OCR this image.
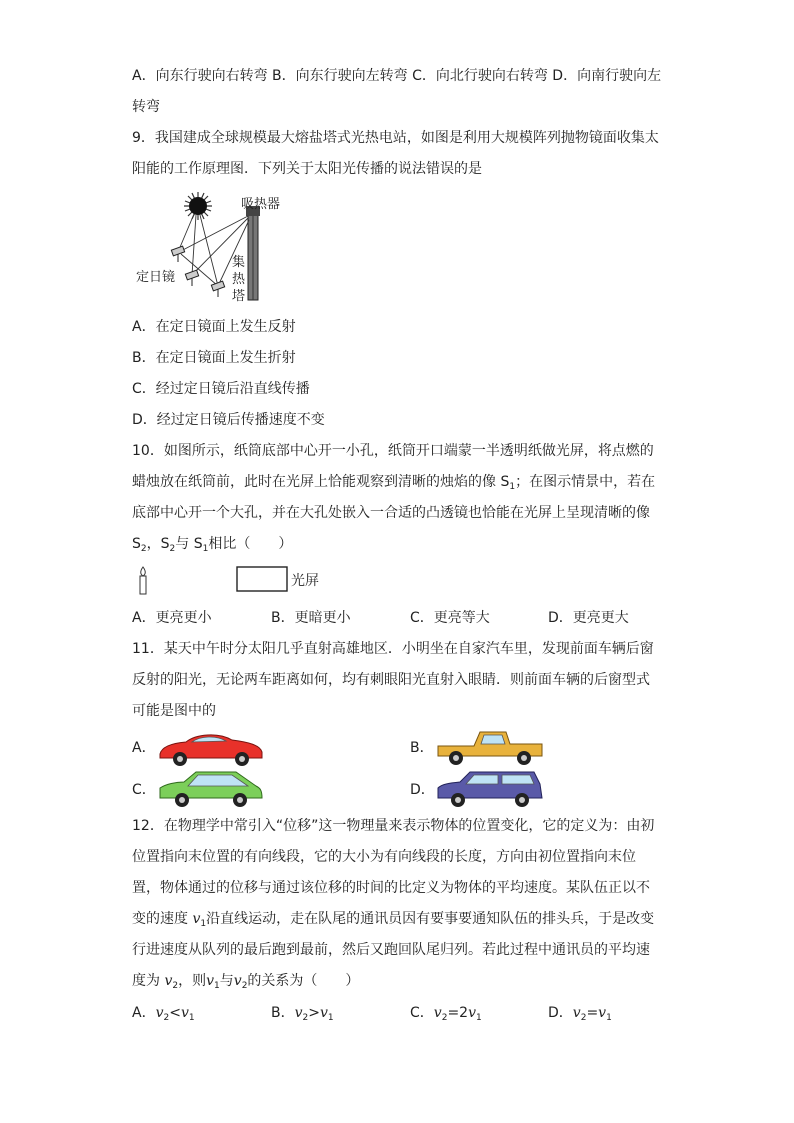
A．向东行驶向右转弯 B．向东行驶向左转弯 C．向北行驶向右转弯 D．向南行驶向左
转弯
9．我国建成全球规模最大熔盐塔式光热电站，如图是利用大规模阵列抛物镜面收集太
阳能的工作原理图．下列关于太阳光传播的说法错误的是
吸热器
集热塔
定日镜
A．在定日镜面上发生反射
B．在定日镜面上发生折射
C．经过定日镜后沿直线传播
D．经过定日镜后传播速度不变
10．如图所示，纸筒底部中心开一小孔，纸筒开口端蒙一半透明纸做光屏，将点燃的
蜡烛放在纸筒前，此时在光屏上恰能观察到清晰的烛焰的像 $S_1$；在图示情景中，若在
底部中心开一个大孔，并在大孔处嵌入一合适的凸透镜也恰能在光屏上呈现清晰的像
$S_2$，$S_2$与 $S_1$相比（　　）
光屏
A．更亮更小	B．更暗更小	C．更亮等大	D．更亮更大
11．某天中午时分太阳几乎直射高雄地区．小明坐在自家汽车里，发现前面车辆后窗
反射的阳光，无论两车距离如何，均有刺眼阳光直射入眼睛．则前面车辆的后窗型式
可能是图中的
A．	B．
C．	D．
12．在物理学中常引入“位移”这一物理量来表示物体的位置变化，它的定义为：由初
位置指向末位置的有向线段，它的大小为有向线段的长度，方向由初位置指向末位
置，物体通过的位移与通过该位移的时间的比定义为物体的平均速度。某队伍正以不
变的速度 $v_1$沿直线运动，走在队尾的通讯员因有要事要通知队伍的排头兵，于是改变
行进速度从队列的最后跑到最前，然后又跑回队尾归列。若此过程中通讯员的平均速
度为 $v_2$，则$v_1$与$v_2$的关系为（　　）
A．$v_2<v_1$	B．$v_2>v_1$	C．$v_2=2v_1$	D．$v_2=v_1$
